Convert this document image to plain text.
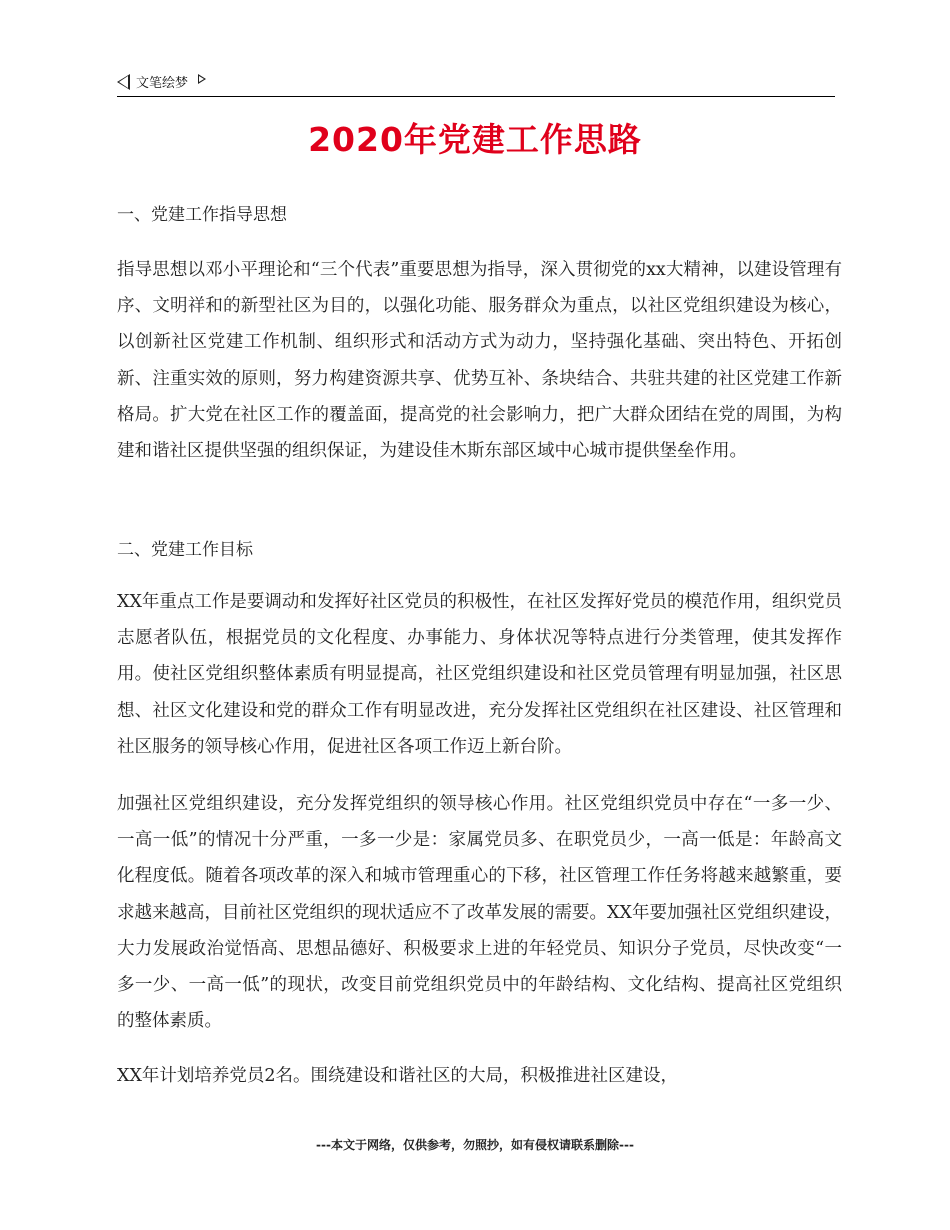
文笔绘梦
2020年党建工作思路
一、党建工作指导思想
指导思想以邓小平理论和“三个代表”重要思想为指导，深入贯彻党的xx大精神，以建设管理有序、文明祥和的新型社区为目的，以强化功能、服务群众为重点，以社区党组织建设为核心，以创新社区党建工作机制、组织形式和活动方式为动力，坚持强化基础、突出特色、开拓创新、注重实效的原则，努力构建资源共享、优势互补、条块结合、共驻共建的社区党建工作新格局。扩大党在社区工作的覆盖面，提高党的社会影响力，把广大群众团结在党的周围，为构建和谐社区提供坚强的组织保证，为建设佳木斯东部区域中心城市提供堡垒作用。
二、党建工作目标
XX年重点工作是要调动和发挥好社区党员的积极性，在社区发挥好党员的模范作用，组织党员志愿者队伍，根据党员的文化程度、办事能力、身体状况等特点进行分类管理，使其发挥作用。使社区党组织整体素质有明显提高，社区党组织建设和社区党员管理有明显加强，社区思想、社区文化建设和党的群众工作有明显改进，充分发挥社区党组织在社区建设、社区管理和社区服务的领导核心作用，促进社区各项工作迈上新台阶。
加强社区党组织建设，充分发挥党组织的领导核心作用。社区党组织党员中存在“一多一少、一高一低”的情况十分严重，一多一少是：家属党员多、在职党员少，一高一低是：年龄高文化程度低。随着各项改革的深入和城市管理重心的下移，社区管理工作任务将越来越繁重，要求越来越高，目前社区党组织的现状适应不了改革发展的需要。XX年要加强社区党组织建设，大力发展政治觉悟高、思想品德好、积极要求上进的年轻党员、知识分子党员，尽快改变“一多一少、一高一低”的现状，改变目前党组织党员中的年龄结构、文化结构、提高社区党组织的整体素质。
XX年计划培养党员2名。围绕建设和谐社区的大局，积极推进社区建设，
---本文于网络，仅供参考，勿照抄，如有侵权请联系删除---
